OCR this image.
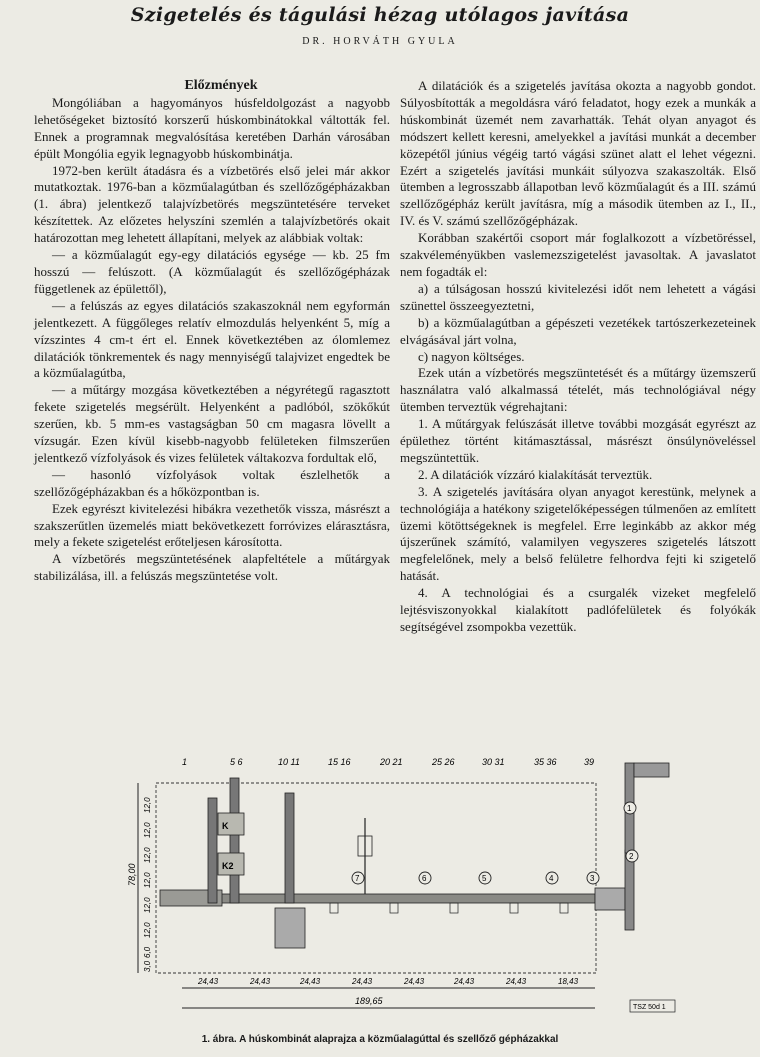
Szigetelés és tágulási hézag utólagos javítása
DR. HORVÁTH GYULA

Előzmények

Mongóliában a hagyományos húsfeldolgozást a nagyobb lehetőségeket biztosító korszerű húskombinátokkal váltották fel. Ennek a programnak megvalósítása keretében Darhán városában épült Mongólia egyik legnagyobb húskombinátja.

1972-ben került átadásra és a vízbetörés első jelei már akkor mutatkoztak. 1976-ban a közműalagútban és szellőzőgépházakban (1. ábra) jelentkező talajvízbetörés megszüntetésére terveket készítettek. Az előzetes helyszíni szemlén a talajvízbetörés okait határozottan meg lehetett állapítani, melyek az alábbiak voltak:

— a közműalagút egy-egy dilatációs egysége — kb. 25 fm hosszú — felúszott. (A közműalagút és szellőzőgépházak függetlenek az épülettől),

— a felúszás az egyes dilatációs szakaszoknál nem egyformán jelentkezett. A függőleges relatív elmozdulás helyenként 5, míg a vízszintes 4 cm-t ért el. Ennek következtében az ólomlemez dilatációk tönkrementek és nagy mennyiségű talajvizet engedtek be a közműalagútba,

— a műtárgy mozgása következtében a négyrétegű ragasztott fekete szigetelés megsérült. Helyenként a padlóból, szökőkút szerűen, kb. 5 mm-es vastagságban 50 cm magasra lövellt a vízsugár. Ezen kívül kisebb-nagyobb felületeken filmszerűen jelentkező vízfolyások és vizes felületek váltakozva fordultak elő,

— hasonló vízfolyások voltak észlelhetők a szellőzőgépházakban és a hőközpontban is.

Ezek egyrészt kivitelezési hibákra vezethetők vissza, másrészt a szakszerűtlen üzemelés miatt bekövetkezett forróvizes elárasztásra, mely a fekete szigetelést erőteljesen károsította.

A vízbetörés megszüntetésének alapfeltétele a műtárgyak stabilizálása, ill. a felúszás megszüntetése volt.

A dilatációk és a szigetelés javítása okozta a nagyobb gondot. Súlyosbították a megoldásra váró feladatot, hogy ezek a munkák a húskombinát üzemét nem zavarhatták. Tehát olyan anyagot és módszert kellett keresni, amelyekkel a javítási munkát a december közepétől június végéig tartó vágási szünet alatt el lehet végezni. Ezért a szigetelés javítási munkáit súlyozva szakaszolták. Első ütemben a legrosszabb állapotban levő közműalagút és a III. számú szellőzőgépház került javításra, míg a második ütemben az I., II., IV. és V. számú szellőzőgépházak.

Korábban szakértői csoport már foglalkozott a vízbetöréssel, szakvéleményükben vaslemezszigetelést javasoltak. A javaslatot nem fogadták el:

a) a túlságosan hosszú kivitelezési időt nem lehetett a vágási szünettel összeegyeztetni,

b) a közműalagútban a gépészeti vezetékek tartószerkezeteinek elvágásával járt volna,

c) nagyon költséges.

Ezek után a vízbetörés megszüntetését és a műtárgy üzemszerű használatra való alkalmassá tételét, más technológiával négy ütemben terveztük végrehajtani:

1. A műtárgyak felúszását illetve további mozgását egyrészt az épülethez történt kitámasztással, másrészt önsúlynöveléssel megszüntettük.

2. A dilatációk vízzáró kialakítását terveztük.

3. A szigetelés javítására olyan anyagot kerestünk, melynek a technológiája a hatékony szigetelőképességen túlmenően az említett üzemi kötöttségeknek is megfelel. Erre leginkább az akkor még újszerűnek számító, valamilyen vegyszeres szigetelés látszott megfelelőnek, mely a belső felületre felhordva fejti ki szigetelő hatását.

4. A technológiai és a csurgalék vizeket megfelelő lejtésviszonyokkal kialakított padlófelületek és folyókák segítségével zsompokba vezettük.

1	5 6	10 11	15 16	20 21	25 26	30 31	35 36	39
78,00
12,0
12,0
12,0
12,0
12,0
12,0
6,0
3,0
K
K2
1
2
3
4
5
6
7
24,43	24,43	24,43	24,43	24,43	24,43	24,43	18,43
189,65
TSZ 50d 1
1. ábra. A húskombinát alaprajza a közműalagúttal és szellőző gépházakkal
